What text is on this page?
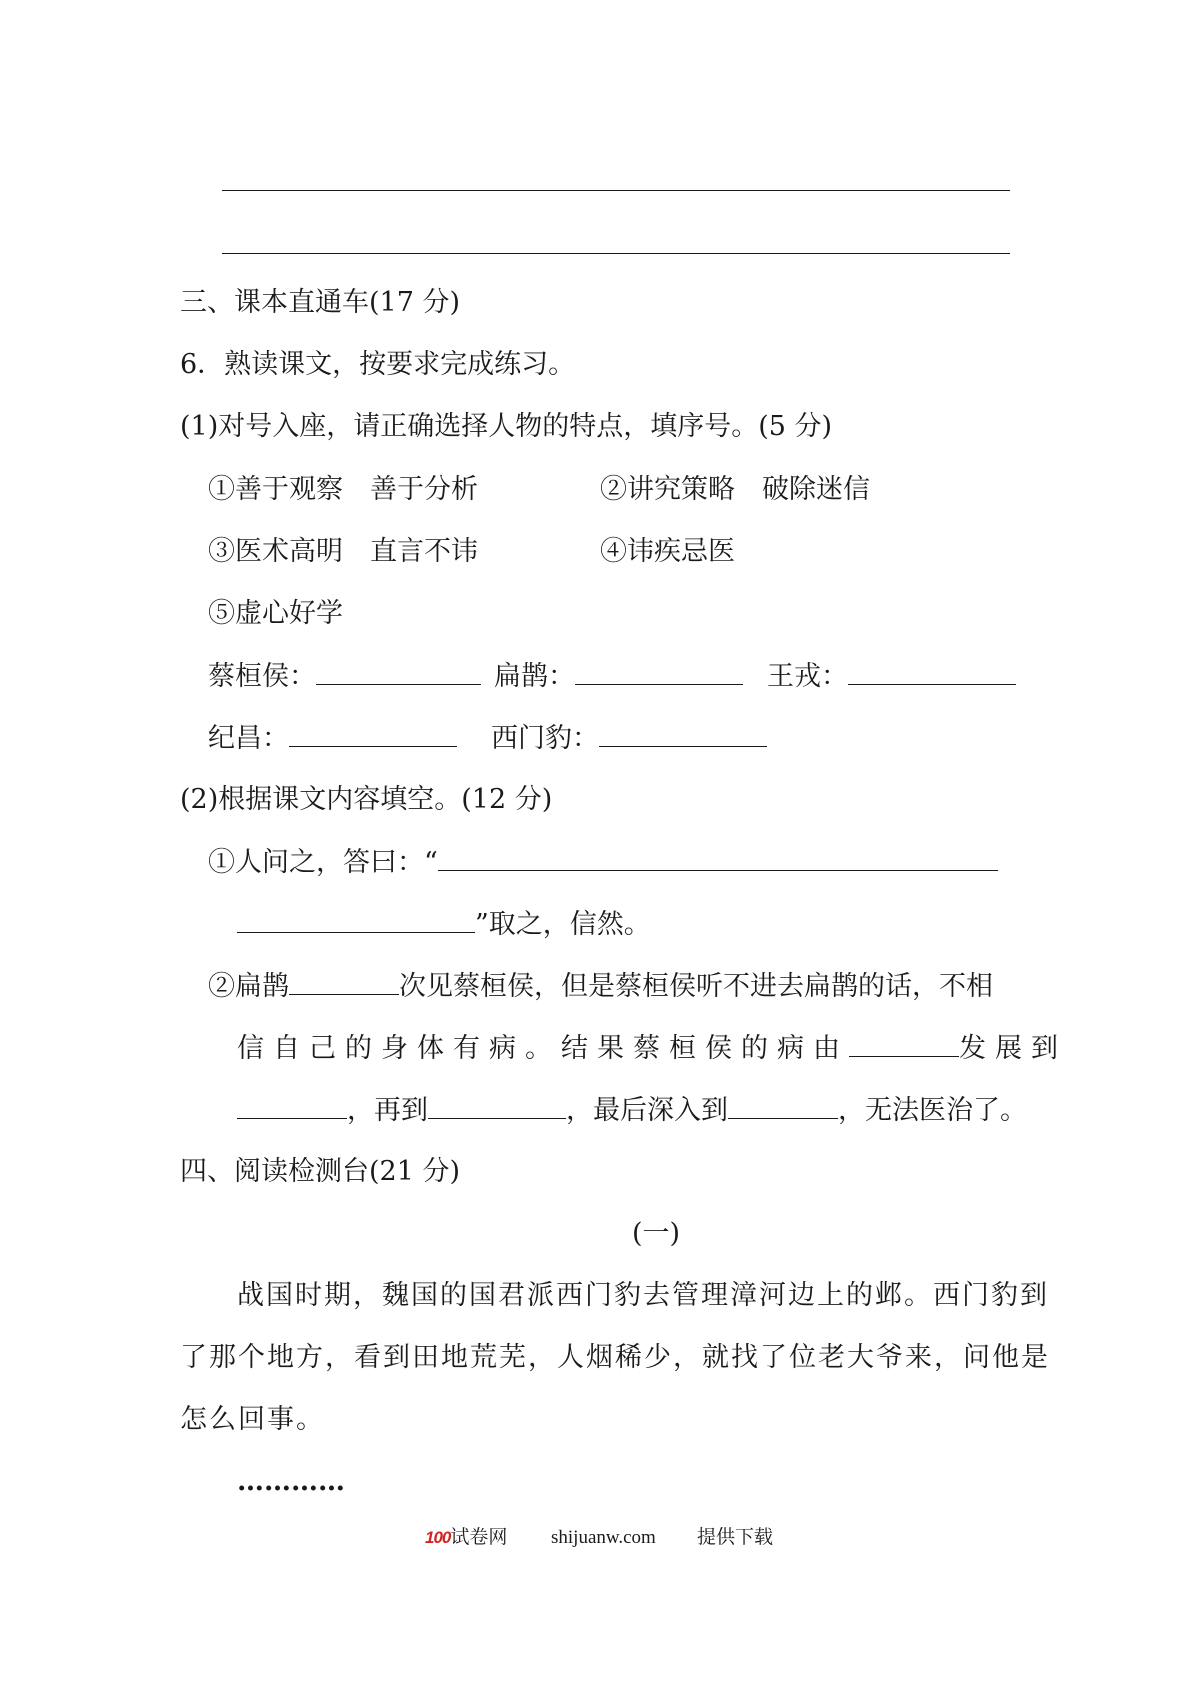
三、课本直通车(17 分)
6．熟读课文，按要求完成练习。
(1)对号入座，请正确选择人物的特点，填序号。(5 分)
①善于观察　善于分析	②讲究策略　破除迷信
③医术高明　直言不讳	④讳疾忌医
⑤虚心好学
蔡桓侯：	扁鹊：	王戎：
纪昌：	西门豹：
(2)根据课文内容填空。(12 分)
①人问之，答曰：“
”取之，信然。
②扁鹊	次见蔡桓侯，但是蔡桓侯听不进去扁鹊的话，不相
信自己的身体有病。结果蔡桓侯的病由	发展到
，再到	，最后深入到	，无法医治了。
四、阅读检测台(21 分)
(一)
战国时期，魏国的国君派西门豹去管理漳河边上的邺。西门豹到
了那个地方，看到田地荒芜，人烟稀少，就找了位老大爷来，问他是
怎么回事。
…………
100试卷网 shijuanw.com 提供下载
